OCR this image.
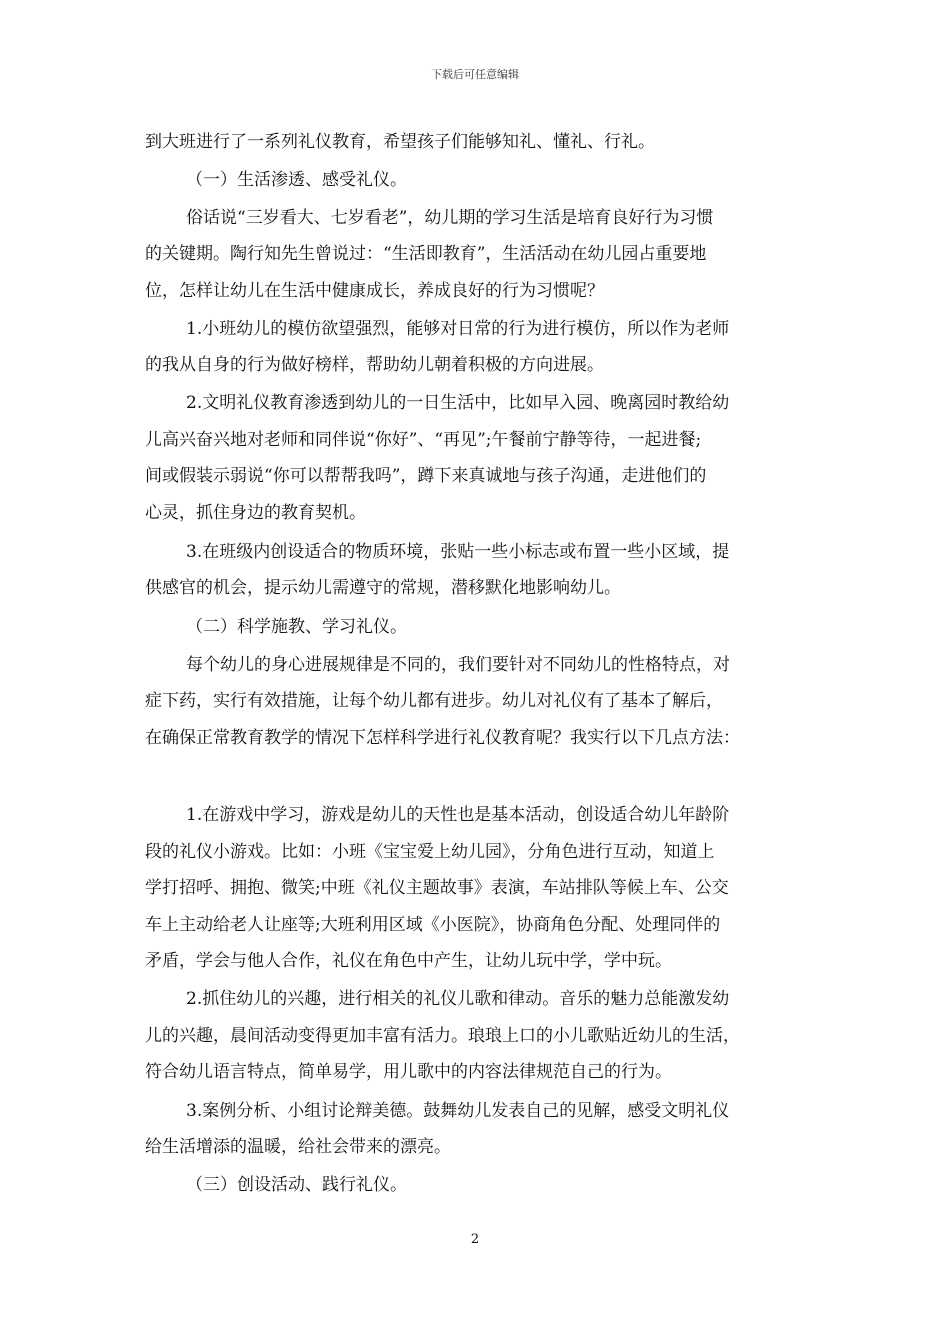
下载后可任意编辑
到大班进行了一系列礼仪教育，希望孩子们能够知礼、懂礼、行礼。
（一）生活渗透、感受礼仪。
俗话说“三岁看大、七岁看老”，幼儿期的学习生活是培育良好行为习惯
的关键期。陶行知先生曾说过：“生活即教育”，生活活动在幼儿园占重要地
位，怎样让幼儿在生活中健康成长，养成良好的行为习惯呢？
1.小班幼儿的模仿欲望强烈，能够对日常的行为进行模仿，所以作为老师
的我从自身的行为做好榜样，帮助幼儿朝着积极的方向进展。
2.文明礼仪教育渗透到幼儿的一日生活中，比如早入园、晚离园时教给幼
儿高兴奋兴地对老师和同伴说“你好”、“再见”;午餐前宁静等待，一起进餐;
间或假装示弱说“你可以帮帮我吗”，蹲下来真诚地与孩子沟通，走进他们的
心灵，抓住身边的教育契机。
3.在班级内创设适合的物质环境，张贴一些小标志或布置一些小区域，提
供感官的机会，提示幼儿需遵守的常规，潜移默化地影响幼儿。
（二）科学施教、学习礼仪。
每个幼儿的身心进展规律是不同的，我们要针对不同幼儿的性格特点，对
症下药，实行有效措施，让每个幼儿都有进步。幼儿对礼仪有了基本了解后，
在确保正常教育教学的情况下怎样科学进行礼仪教育呢？我实行以下几点方法：
1.在游戏中学习，游戏是幼儿的天性也是基本活动，创设适合幼儿年龄阶
段的礼仪小游戏。比如：小班《宝宝爱上幼儿园》，分角色进行互动，知道上
学打招呼、拥抱、微笑;中班《礼仪主题故事》表演，车站排队等候上车、公交
车上主动给老人让座等;大班利用区域《小医院》，协商角色分配、处理同伴的
矛盾，学会与他人合作，礼仪在角色中产生，让幼儿玩中学，学中玩。
2.抓住幼儿的兴趣，进行相关的礼仪儿歌和律动。音乐的魅力总能激发幼
儿的兴趣，晨间活动变得更加丰富有活力。琅琅上口的小儿歌贴近幼儿的生活，
符合幼儿语言特点，简单易学，用儿歌中的内容法律规范自己的行为。
3.案例分析、小组讨论辩美德。鼓舞幼儿发表自己的见解，感受文明礼仪
给生活增添的温暖，给社会带来的漂亮。
（三）创设活动、践行礼仪。
2
